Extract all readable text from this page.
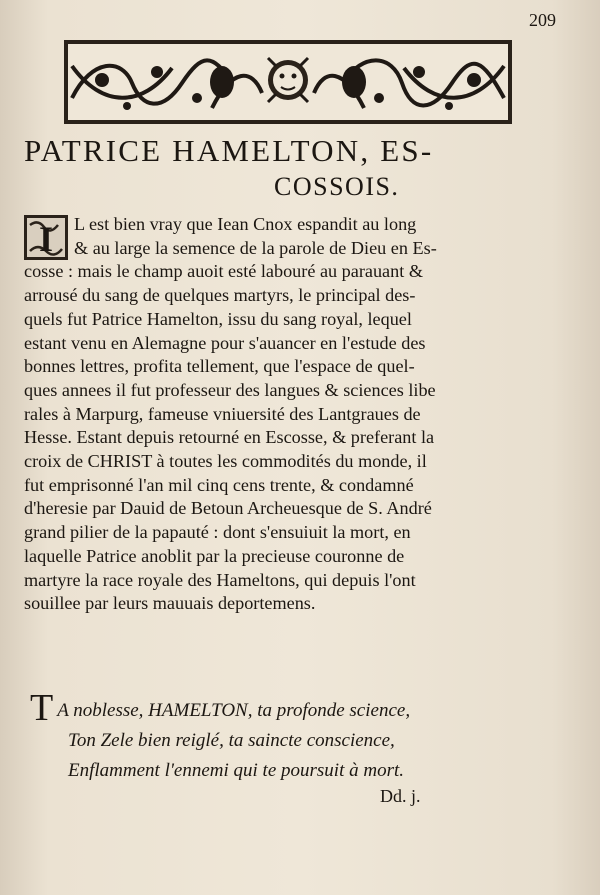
209
PATRICE HAMELTON, ES-
COSSOIS.
I	L est bien vray que Iean Cnox espandit au long
& au large la semence de la parole de Dieu en Es-
cosse : mais le champ auoit esté labouré au parauant &
arrousé du sang de quelques martyrs, le principal des-
quels fut Patrice Hamelton, issu du sang royal, lequel
estant venu en Alemagne pour s'auancer en l'estude des
bonnes lettres, profita tellement, que l'espace de quel-
ques annees il fut professeur des langues & sciences libe
rales à Marpurg, fameuse vniuersité des Lantgraues de
Hesse. Estant depuis retourné en Escosse, & preferant la
croix de CHRIST à toutes les commodités du monde, il
fut emprisonné l'an mil cinq cens trente, & condamné
d'heresie par Dauid de Betoun Archeuesque de S. André
grand pilier de la papauté : dont s'ensuiuit la mort, en
laquelle Patrice anoblit par la precieuse couronne de
martyre la race royale des Hameltons, qui depuis l'ont
souillee par leurs mauuais deportemens.
T A noblesse, HAMELTON, ta profonde science,
Ton Zele bien reiglé, ta saincte conscience,
Enflamment l'ennemi qui te poursuit à mort.
Dd. j.
